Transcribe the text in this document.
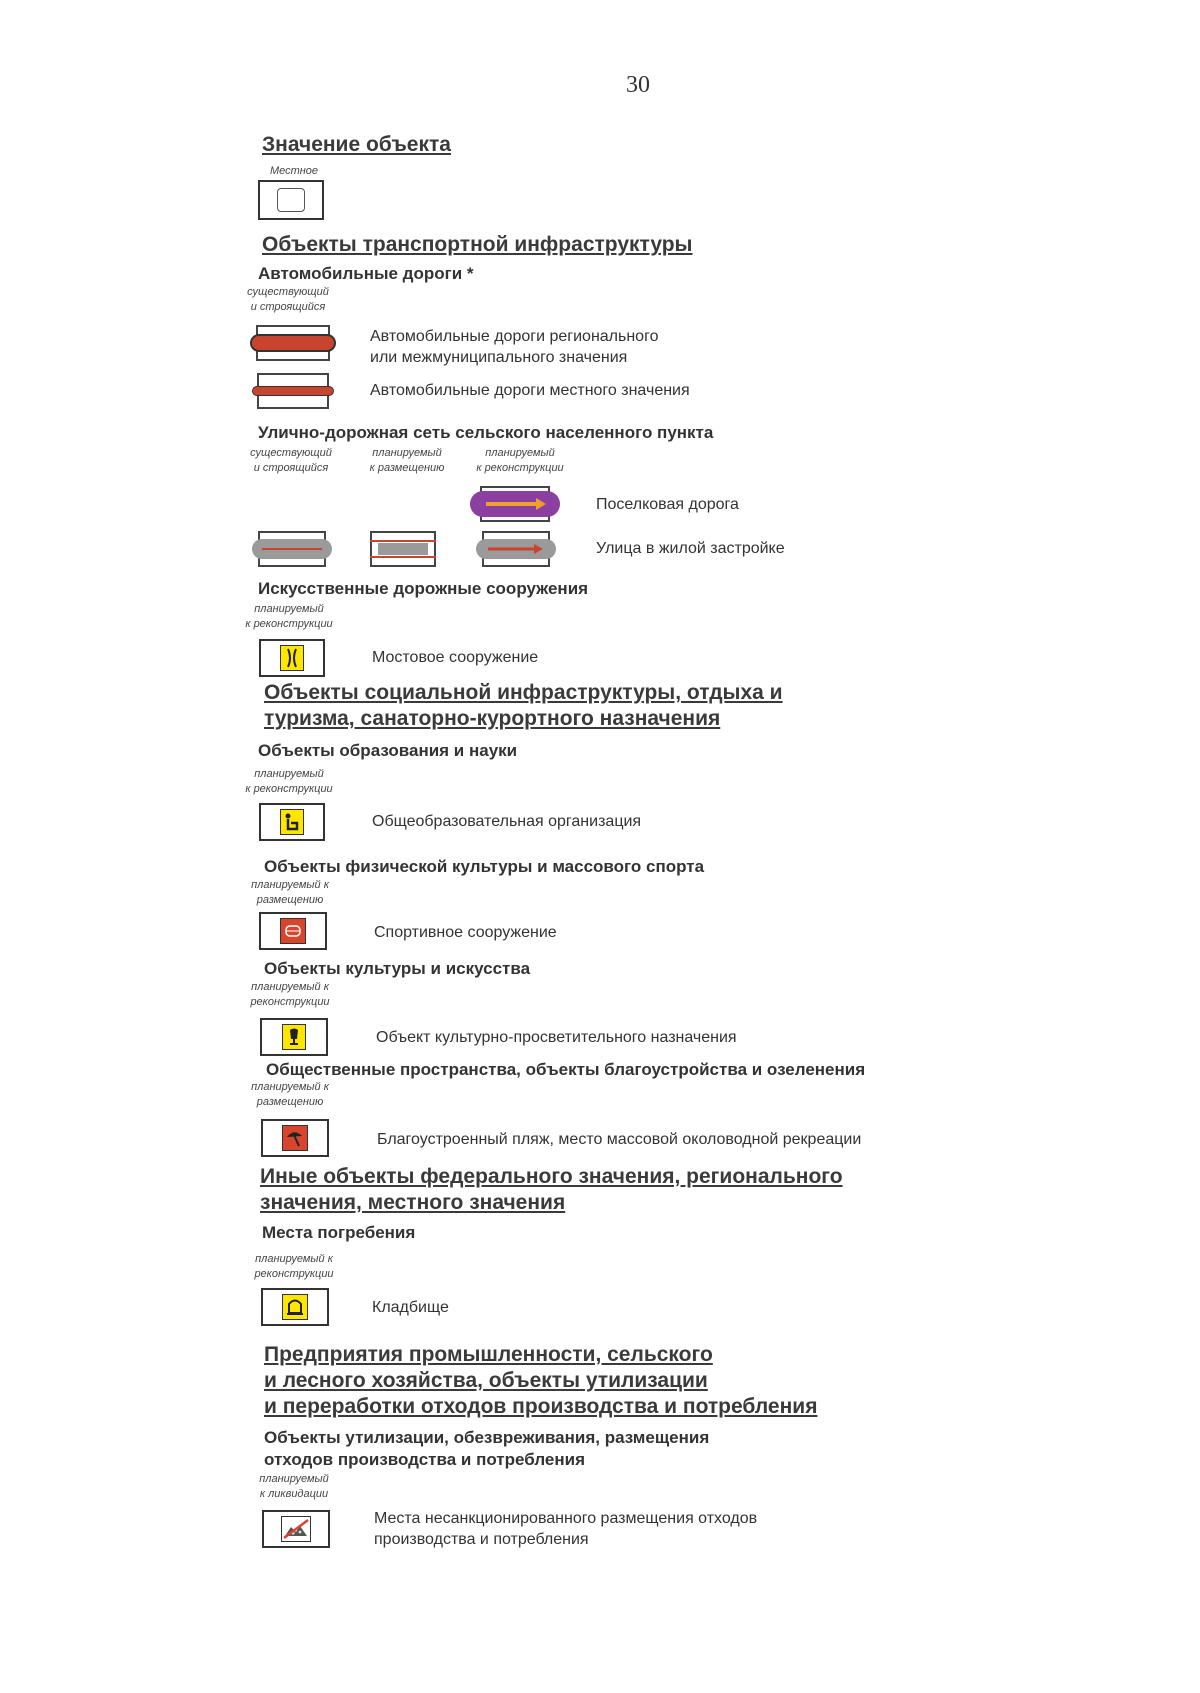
30
Значение объекта
Местное
Объекты транспортной инфраструктуры
Автомобильные дороги *
существующий
и строящийся
Автомобильные дороги регионального
или межмуниципального значения
Автомобильные дороги местного значения
Улично-дорожная сеть сельского населенного пункта
существующий
и строящийся
планируемый
к размещению
планируемый
к реконструкции
Поселковая дорога
Улица в жилой застройке
Искусственные дорожные сооружения
планируемый
к реконструкции
Мостовое сооружение
Объекты социальной инфраструктуры, отдыха и
туризма, санаторно-курортного назначения
Объекты образования и науки
планируемый
к реконструкции
Общеобразовательная организация
Объекты физической культуры и массового спорта
планируемый к
размещению
Спортивное сооружение
Объекты культуры и искусства
планируемый к
реконструкции
Объект культурно-просветительного назначения
Общественные пространства, объекты благоустройства и озеленения
планируемый к
размещению
Благоустроенный пляж, место массовой околоводной рекреации
Иные объекты федерального значения, регионального
значения, местного значения
Места погребения
планируемый к
реконструкции
Кладбище
Предприятия промышленности, сельского
и лесного хозяйства, объекты утилизации
и переработки отходов производства и потребления
Объекты утилизации, обезвреживания, размещения
отходов производства и потребления
планируемый
к ликвидации
Места несанкционированного размещения отходов
производства и потребления
